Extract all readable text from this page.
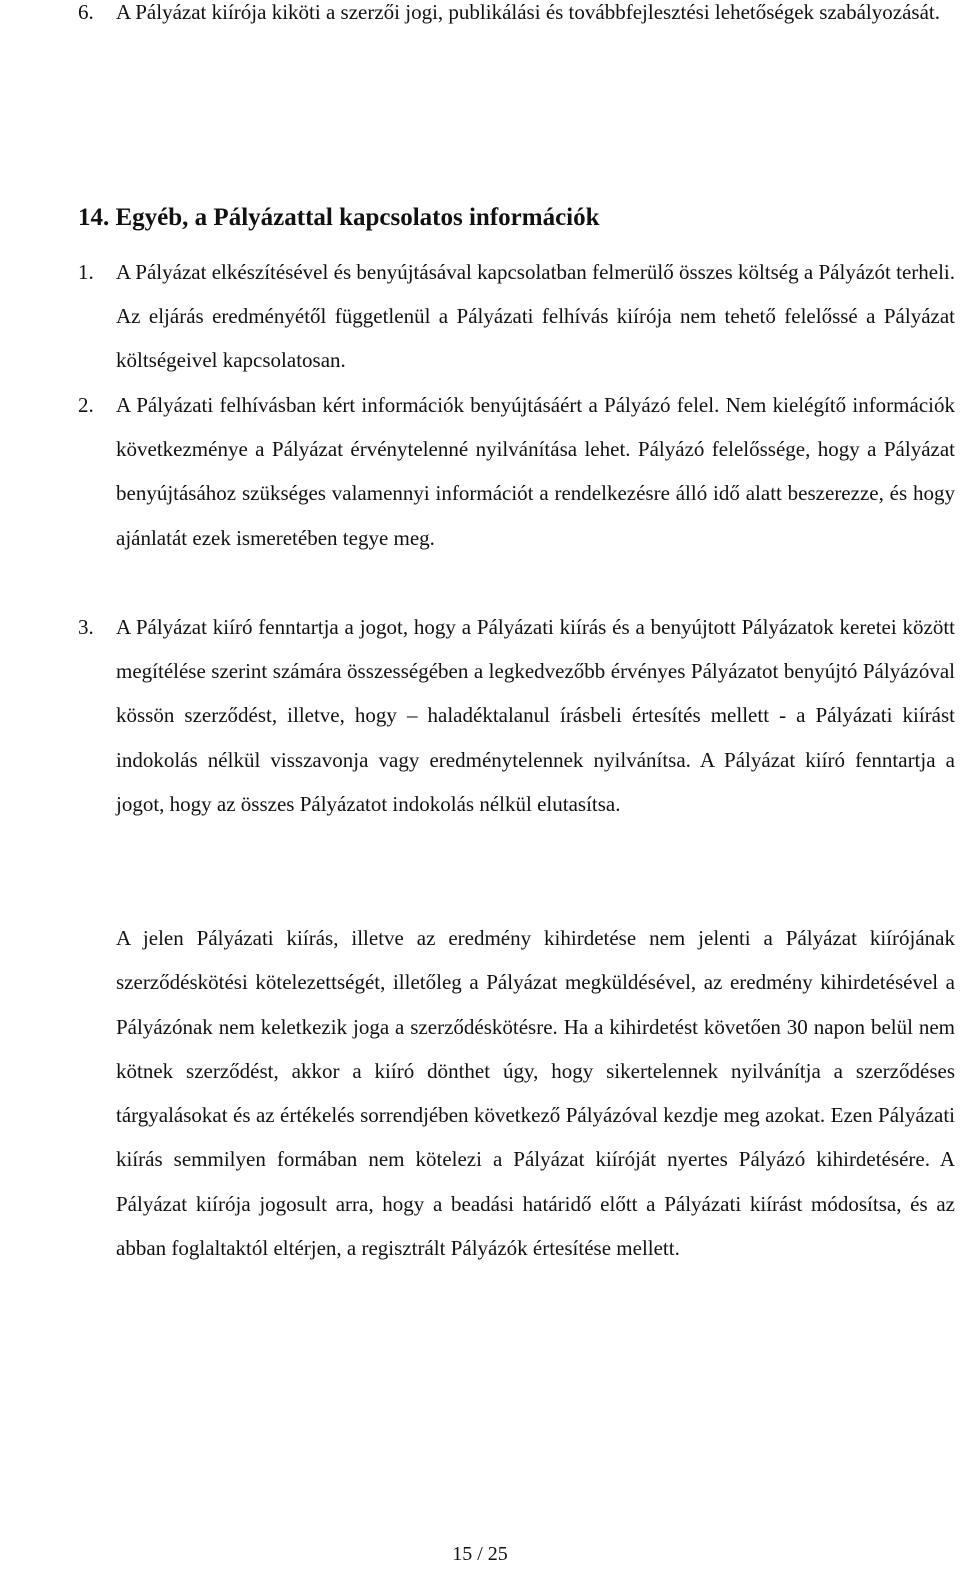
6. A Pályázat kiírója kiköti a szerzői jogi, publikálási és továbbfejlesztési lehetőségek szabályozását.
14. Egyéb, a Pályázattal kapcsolatos információk
1. A Pályázat elkészítésével és benyújtásával kapcsolatban felmerülő összes költség a Pályázót terheli. Az eljárás eredményétől függetlenül a Pályázati felhívás kiírója nem tehető felelőssé a Pályázat költségeivel kapcsolatosan.
2. A Pályázati felhívásban kért információk benyújtásáért a Pályázó felel. Nem kielégítő információk következménye a Pályázat érvénytelenné nyilvánítása lehet. Pályázó felelőssége, hogy a Pályázat benyújtásához szükséges valamennyi információt a rendelkezésre álló idő alatt beszerezze, és hogy ajánlatát ezek ismeretében tegye meg.
3. A Pályázat kiíró fenntartja a jogot, hogy a Pályázati kiírás és a benyújtott Pályázatok keretei között megítélése szerint számára összességében a legkedvezőbb érvényes Pályázatot benyújtó Pályázóval kössön szerződést, illetve, hogy – haladéktalanul írásbeli értesítés mellett - a Pályázati kiírást indokolás nélkül visszavonja vagy eredménytelennek nyilvánítsa. A Pályázat kiíró fenntartja a jogot, hogy az összes Pályázatot indokolás nélkül elutasítsa.
A jelen Pályázati kiírás, illetve az eredmény kihirdetése nem jelenti a Pályázat kiírójának szerződéskötési kötelezettségét, illetőleg a Pályázat megküldésével, az eredmény kihirdetésével a Pályázónak nem keletkezik joga a szerződéskötésre. Ha a kihirdetést követően 30 napon belül nem kötnek szerződést, akkor a kiíró dönthet úgy, hogy sikertelennek nyilvánítja a szerződéses tárgyalásokat és az értékelés sorrendjében következő Pályázóval kezdje meg azokat. Ezen Pályázati kiírás semmilyen formában nem kötelezi a Pályázat kiíróját nyertes Pályázó kihirdetésére. A Pályázat kiírója jogosult arra, hogy a beadási határidő előtt a Pályázati kiírást módosítsa, és az abban foglaltaktól eltérjen, a regisztrált Pályázók értesítése mellett.
15 / 25
